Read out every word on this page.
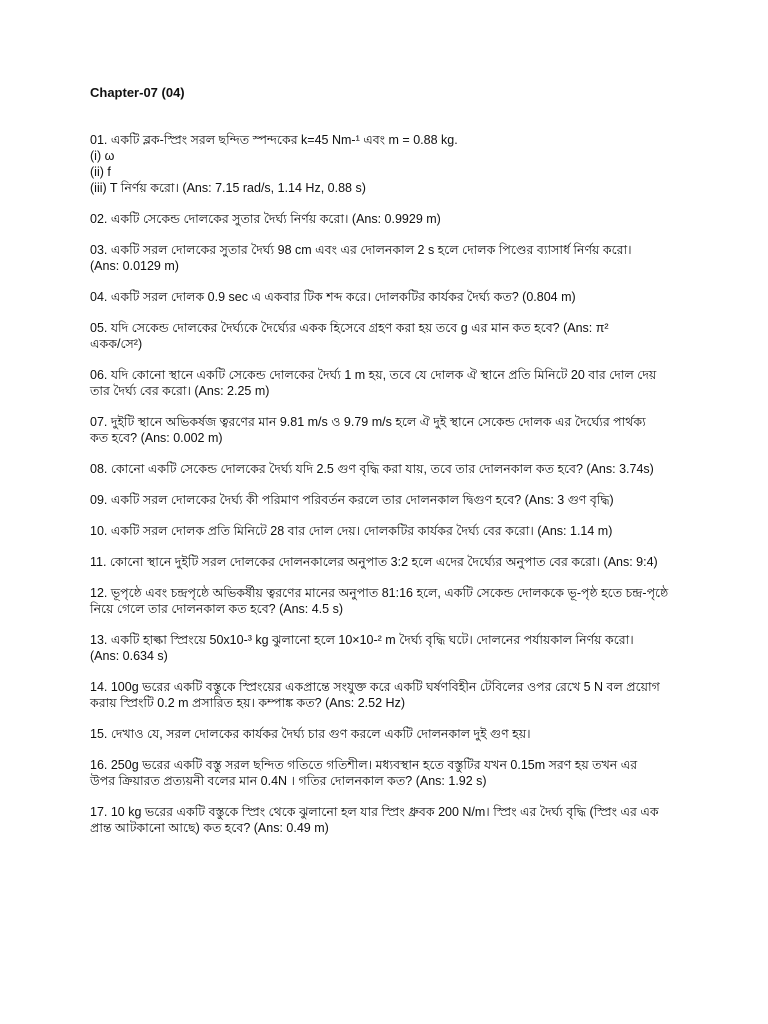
Chapter-07 (04)
01. একটি ব্লক-স্প্রিং সরল ছন্দিত স্পন্দকের k=45 Nm-¹ এবং m = 0.88 kg.
(i) ω
(ii) f
(iii) T নির্ণয় করো। (Ans: 7.15 rad/s, 1.14 Hz, 0.88 s)
02. একটি সেকেন্ড দোলকের সুতার দৈর্ঘ্য নির্ণয় করো। (Ans: 0.9929 m)
03. একটি সরল দোলকের সুতার দৈর্ঘ্য 98 cm এবং এর দোলনকাল 2 s হলে দোলক পিণ্ডের ব্যাসার্ধ নির্ণয় করো।
(Ans: 0.0129 m)
04. একটি সরল দোলক 0.9 sec এ একবার টিক শব্দ করে। দোলকটির কার্যকর দৈর্ঘ্য কত? (0.804 m)
05. যদি সেকেন্ড দোলকের দৈর্ঘ্যকে দৈর্ঘ্যের একক হিসেবে গ্রহণ করা হয় তবে g এর মান কত হবে? (Ans: π²
একক/সে²)
06. যদি কোনো স্থানে একটি সেকেন্ড দোলকের দৈর্ঘ্য 1 m হয়, তবে যে দোলক ঐ স্থানে প্রতি মিনিটে 20 বার দোল দেয়
তার দৈর্ঘ্য বের করো। (Ans: 2.25 m)
07. দুইটি স্থানে অভিকর্ষজ ত্বরণের মান 9.81 m/s ও 9.79 m/s হলে ঐ দুই স্থানে সেকেন্ড দোলক এর দৈর্ঘ্যের পার্থক্য
কত হবে? (Ans: 0.002 m)
08. কোনো একটি সেকেন্ড দোলকের দৈর্ঘ্য যদি 2.5 গুণ বৃদ্ধি করা যায়, তবে তার দোলনকাল কত হবে? (Ans: 3.74s)
09. একটি সরল দোলকের দৈর্ঘ্য কী পরিমাণ পরিবর্তন করলে তার দোলনকাল দ্বিগুণ হবে? (Ans: 3 গুণ বৃদ্ধি)
10. একটি সরল দোলক প্রতি মিনিটে 28 বার দোল দেয়। দোলকটির কার্যকর দৈর্ঘ্য বের করো। (Ans: 1.14 m)
11. কোনো স্থানে দুইটি সরল দোলকের দোলনকালের অনুপাত 3:2 হলে এদের দৈর্ঘ্যের অনুপাত বের করো। (Ans: 9:4)
12. ভূপৃষ্ঠে এবং চন্দ্রপৃষ্ঠে অভিকর্ষীয় ত্বরণের মানের অনুপাত 81:16 হলে, একটি সেকেন্ড দোলককে ভূ-পৃষ্ঠ হতে চন্দ্র-পৃষ্ঠে
নিয়ে গেলে তার দোলনকাল কত হবে? (Ans: 4.5 s)
13. একটি হাল্কা স্প্রিংয়ে 50x10-³ kg ঝুলানো হলে 10×10-² m দৈর্ঘ্য বৃদ্ধি ঘটে। দোলনের পর্যায়কাল নির্ণয় করো।
(Ans: 0.634 s)
14. 100g ভরের একটি বস্তুকে স্প্রিংয়ের একপ্রান্তে সংযুক্ত করে একটি ঘর্ষণবিহীন টেবিলের ওপর রেখে 5 N বল প্রয়োগ
করায় স্প্রিংটি 0.2 m প্রসারিত হয়। কম্পাঙ্ক কত? (Ans: 2.52 Hz)
15. দেখাও যে, সরল দোলকের কার্যকর দৈর্ঘ্য চার গুণ করলে একটি দোলনকাল দুই গুণ হয়।
16. 250g ভরের একটি বস্তু সরল ছন্দিত গতিতে গতিশীল। মধ্যবস্থান হতে বস্তুটির যখন 0.15m সরণ হয় তখন এর
উপর ক্রিয়ারত প্রত্যয়নী বলের মান 0.4N । গতির দোলনকাল কত? (Ans: 1.92 s)
17. 10 kg ভরের একটি বস্তুকে স্প্রিং থেকে ঝুলানো হল যার স্প্রিং ধ্রুবক 200 N/m। স্প্রিং এর দৈর্ঘ্য বৃদ্ধি (স্প্রিং এর এক
প্রান্ত আটকানো আছে) কত হবে? (Ans: 0.49 m)
